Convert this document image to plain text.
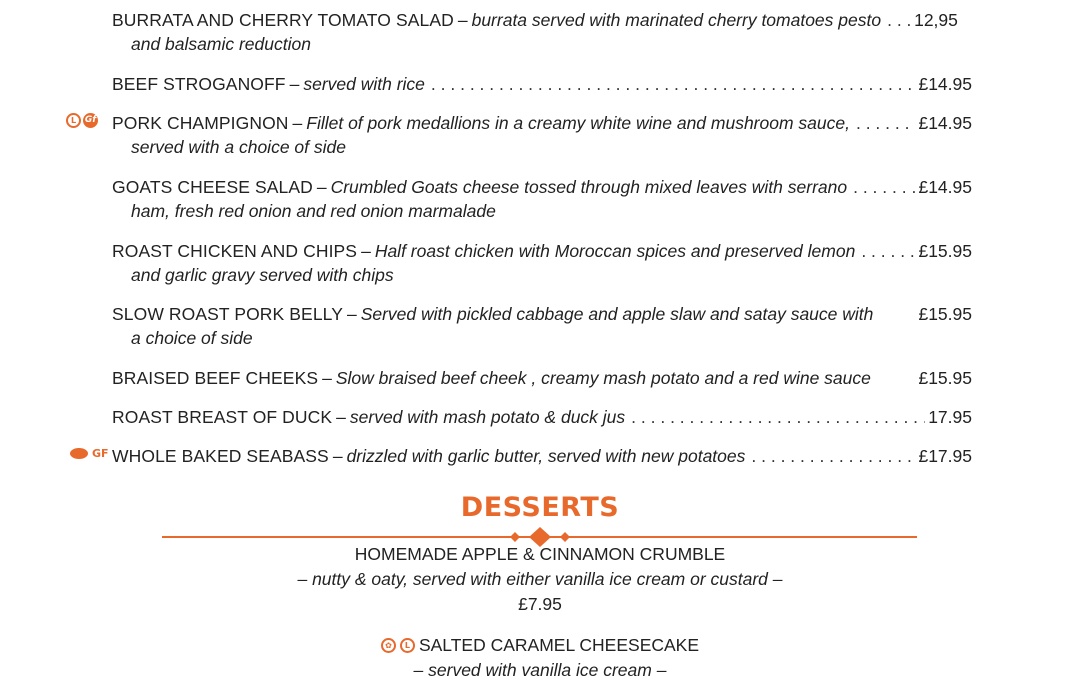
BURRATA AND CHERRY TOMATO SALAD – burrata served with marinated cherry tomatoes pesto . . . 12,95
and balsamic reduction
BEEF STROGANOFF – served with rice . . .	£14.95
L Gf PORK CHAMPIGNON – Fillet of pork medallions in a creamy white wine and mushroom sauce, . . .	£14.95
served with a choice of side
GOATS CHEESE SALAD – Crumbled Goats cheese tossed through mixed leaves with serrano . . .	£14.95
ham, fresh red onion and red onion marmalade
ROAST CHICKEN AND CHIPS – Half roast chicken with Moroccan spices and preserved lemon . . .	£15.95
and garlic gravy served with chips
SLOW ROAST PORK BELLY – Served with pickled cabbage and apple slaw and satay sauce with	£15.95
a choice of side
BRAISED BEEF CHEEKS – Slow braised beef cheek , creamy mash potato and a red wine sauce	£15.95
ROAST BREAST OF DUCK – served with mash potato & duck jus . . .	17.95
GF WHOLE BAKED SEABASS – drizzled with garlic butter, served with new potatoes . . .	£17.95
DESSERTS
HOMEMADE APPLE & CINNAMON CRUMBLE
– nutty & oaty, served with either vanilla ice cream or custard –
£7.95
✿	L SALTED CARAMEL CHEESECAKE
– served with vanilla ice cream –
